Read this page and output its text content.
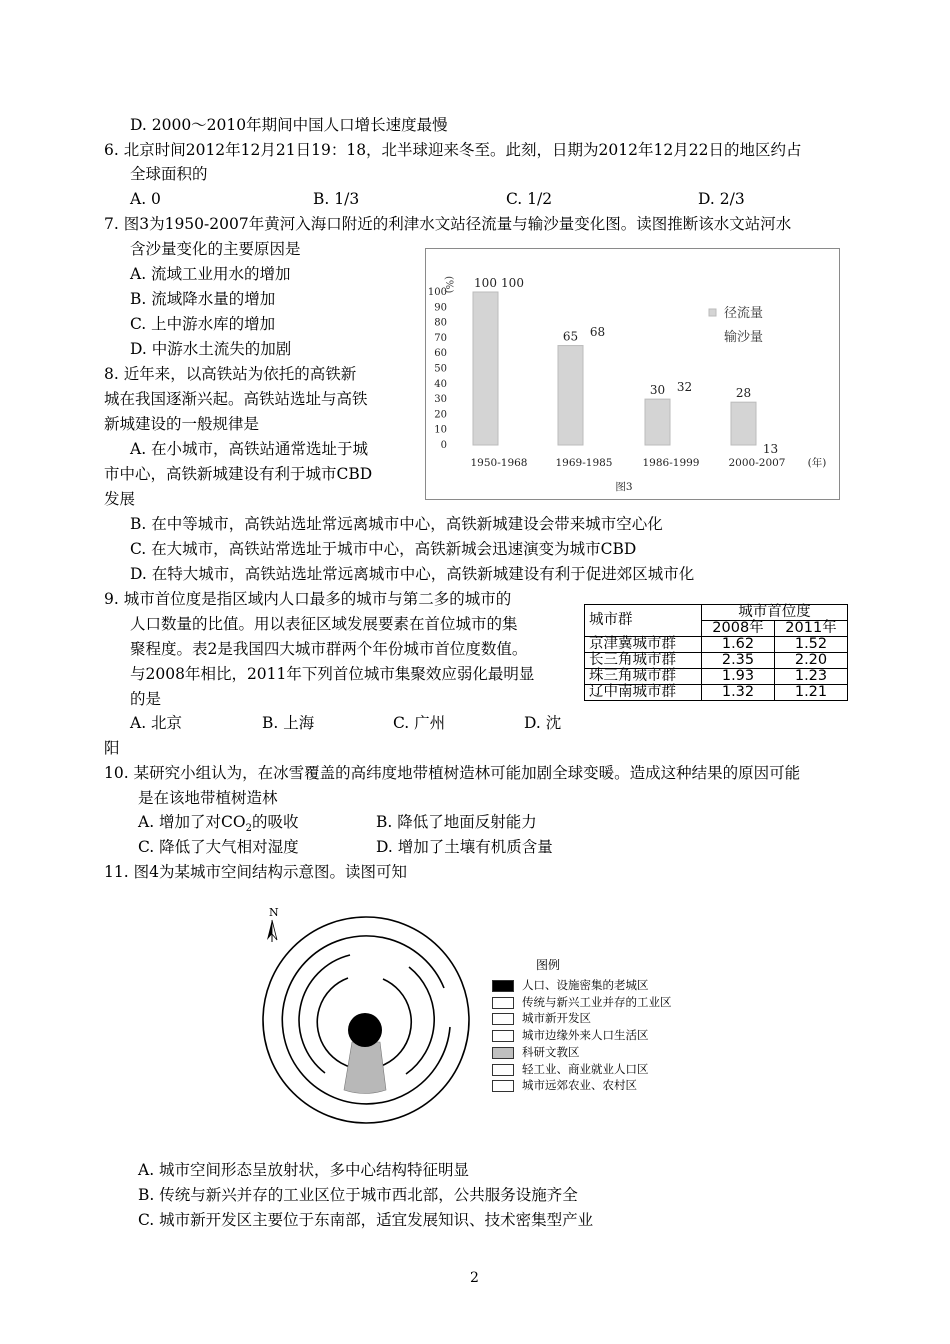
D. 2000～2010年期间中国人口增长速度最慢
6. 北京时间2012年12月21日19：18，北半球迎来冬至。此刻，日期为2012年12月22日的地区约占
全球面积的
A. 0	B. 1/3	C. 1/2	D. 2/3
7. 图3为1950-2007年黄河入海口附近的利津水文站径流量与输沙量变化图。读图推断该水文站河水
含沙量变化的主要原因是
A. 流域工业用水的增加
B. 流域降水量的增加
C. 上中游水库的增加
D. 中游水土流失的加剧
(%)
0
10
20
30
40
50
60
70
80
90
100
100 100
1950-1968
65 68
1969-1985
30 32
1986-1999
28
13
2000-2007 (年)
径流量
输沙量
图3
8. 近年来，以高铁站为依托的高铁新
城在我国逐渐兴起。高铁站选址与高铁
新城建设的一般规律是
A. 在小城市，高铁站通常选址于城
市中心，高铁新城建设有利于城市CBD
发展
B. 在中等城市，高铁站选址常远离城市中心，高铁新城建设会带来城市空心化
C. 在大城市，高铁站常选址于城市中心，高铁新城会迅速演变为城市CBD
D. 在特大城市，高铁站选址常远离城市中心，高铁新城建设有利于促进郊区城市化
9. 城市首位度是指区域内人口最多的城市与第二多的城市的
人口数量的比值。用以表征区域发展要素在首位城市的集
聚程度。表2是我国四大城市群两个年份城市首位度数值。
与2008年相比，2011年下列首位城市集聚效应弱化最明显
的是
A. 北京	B. 上海	C. 广州	D. 沈
阳
城市群	城市首位度	
	2008年	2011年
京津冀城市群	1.62	1.52
长三角城市群	2.35	2.20
珠三角城市群	1.93	1.23
辽中南城市群	1.32	1.21
10. 某研究小组认为，在冰雪覆盖的高纬度地带植树造林可能加剧全球变暖。造成这种结果的原因可能
是在该地带植树造林
A. 增加了对$CO_2$的吸收	B. 降低了地面反射能力
C. 降低了大气相对湿度	D. 增加了土壤有机质含量
11. 图4为某城市空间结构示意图。读图可知
N
图例
人口、设施密集的老城区
传统与新兴工业并存的工业区
城市新开发区
城市边缘外来人口生活区
科研文教区
轻工业、商业就业人口区
城市远郊农业、农村区
A. 城市空间形态呈放射状，多中心结构特征明显
B. 传统与新兴并存的工业区位于城市西北部，公共服务设施齐全
C. 城市新开发区主要位于东南部，适宜发展知识、技术密集型产业
2
